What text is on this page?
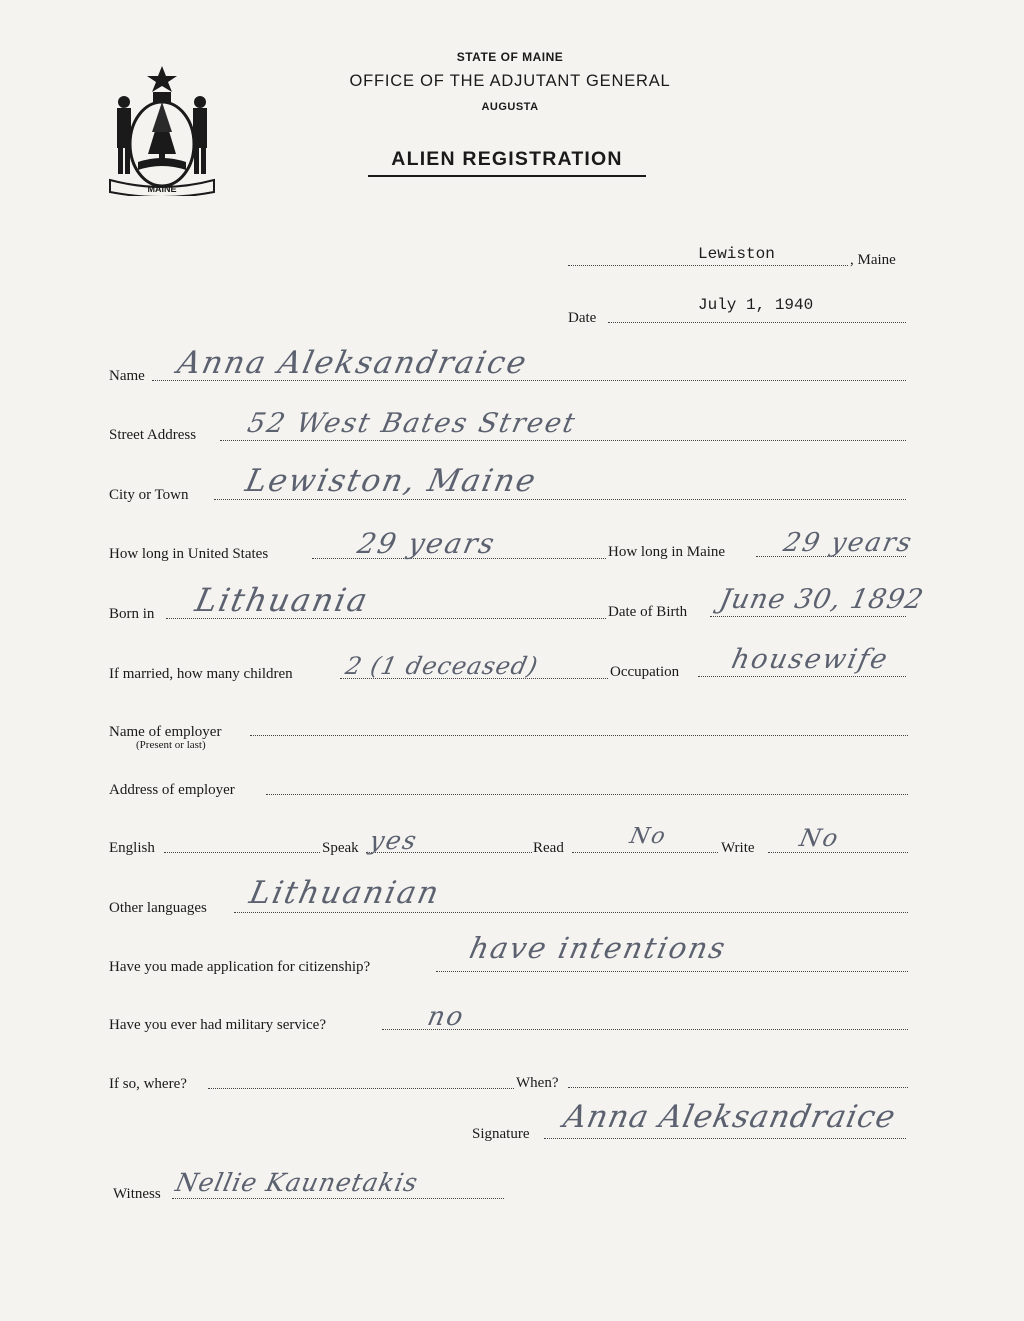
MAINE
STATE OF MAINE
OFFICE OF THE ADJUTANT GENERAL
AUGUSTA
ALIEN REGISTRATION
Lewiston	, Maine
Date
July 1, 1940
Name Anna Aleksandraice
Street Address 52 West Bates Street
City or Town Lewiston, Maine
How long in United States	29 years	How long in Maine 29 years
Born in Lithuania	Date of Birth June 30, 1892
If married, how many children 2 (1 deceased)	Occupation housewife
Name of employer
(Present or last)
Address of employer
English	Speak yes	Read	No	Write No
Other languages Lithuanian
Have you made application for citizenship?
have intentions
Have you ever had military service?	no
If so, where?	When?
Signature Anna Aleksandraice
Witness Nellie Kaunetakis
